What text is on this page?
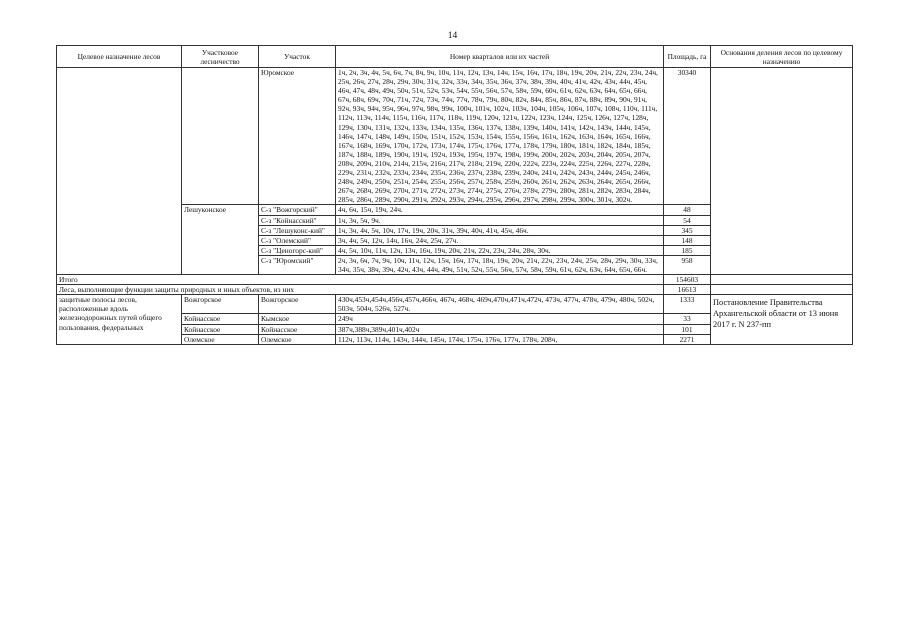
14
Целевое назначение лесов	Участковое лесничество	Участок	Номер кварталов или их частей	Площадь, га	Основания деления лесов по целевому назначению
		Юромское	1ч, 2ч, 3ч, 4ч, 5ч, 6ч, 7ч, 8ч, 9ч, 10ч, 11ч, 12ч, 13ч, 14ч, 15ч, 16ч, 17ч, 18ч, 19ч, 20ч, 21ч, 22ч, 23ч, 24ч, 25ч, 26ч, 27ч, 28ч, 29ч, 30ч, 31ч, 32ч, 33ч, 34ч, 35ч, 36ч, 37ч, 38ч, 39ч, 40ч, 41ч, 42ч, 43ч, 44ч, 45ч, 46ч, 47ч, 48ч, 49ч, 50ч, 51ч, 52ч, 53ч, 54ч, 55ч, 56ч, 57ч, 58ч, 59ч, 60ч, 61ч, 62ч, 63ч, 64ч, 65ч, 66ч, 67ч, 68ч, 69ч, 70ч, 71ч, 72ч, 73ч, 74ч, 77ч, 78ч, 79ч, 80ч, 82ч, 84ч, 85ч, 86ч, 87ч, 88ч, 89ч, 90ч, 91ч, 92ч, 93ч, 94ч, 95ч, 96ч, 97ч, 98ч, 99ч, 100ч, 101ч, 102ч, 103ч, 104ч, 105ч, 106ч, 107ч, 108ч, 110ч, 111ч, 112ч, 113ч, 114ч, 115ч, 116ч, 117ч, 118ч, 119ч, 120ч, 121ч, 122ч, 123ч, 124ч, 125ч, 126ч, 127ч, 128ч, 129ч, 130ч, 131ч, 132ч, 133ч, 134ч, 135ч, 136ч, 137ч, 138ч, 139ч, 140ч, 141ч, 142ч, 143ч, 144ч, 145ч, 146ч, 147ч, 148ч, 149ч, 150ч, 151ч, 152ч, 153ч, 154ч, 155ч, 156ч, 161ч, 162ч, 163ч, 164ч, 165ч, 166ч, 167ч, 168ч, 169ч, 170ч, 172ч, 173ч, 174ч, 175ч, 176ч, 177ч, 178ч, 179ч, 180ч, 181ч, 182ч, 184ч, 185ч, 187ч, 188ч, 189ч, 190ч, 191ч, 192ч, 193ч, 195ч, 197ч, 198ч, 199ч, 200ч, 202ч, 203ч, 204ч, 205ч, 207ч, 208ч, 209ч, 210ч, 214ч, 215ч, 216ч, 217ч, 218ч, 219ч, 220ч, 222ч, 223ч, 224ч, 225ч, 226ч, 227ч, 228ч, 229ч, 231ч, 232ч, 233ч, 234ч, 235ч, 236ч, 237ч, 238ч, 239ч, 240ч, 241ч, 242ч, 243ч, 244ч, 245ч, 246ч, 248ч, 249ч, 250ч, 251ч, 254ч, 255ч, 256ч, 257ч, 258ч, 259ч, 260ч, 261ч, 262ч, 263ч, 264ч, 265ч, 266ч, 267ч, 268ч, 269ч, 270ч, 271ч, 272ч, 273ч, 274ч, 275ч, 276ч, 278ч, 279ч, 280ч, 281ч, 282ч, 283ч, 284ч, 285ч, 286ч, 289ч, 290ч, 291ч, 292ч, 293ч, 294ч, 295ч, 296ч, 297ч, 298ч, 299ч, 300ч, 301ч, 302ч.	30340	
	Лешуконское	С-з "Вожгорский"	4ч, 6ч, 15ч, 19ч, 24ч.	48	
		С-з "Койнасский"	1ч, 3ч, 5ч, 9ч.	54	
		С-з "Лешуконс-кий"	1ч, 3ч, 4ч, 5ч, 10ч, 17ч, 19ч, 20ч, 31ч, 39ч, 40ч, 41ч, 45ч, 46ч.	345	
		С-з "Олемский"	3ч, 4ч, 5ч, 12ч, 14ч, 16ч, 24ч, 25ч, 27ч.	148	
		С-з "Ценогорс-кий"	4ч, 5ч, 10ч, 11ч, 12ч, 13ч, 16ч, 19ч, 20ч, 21ч, 22ч, 23ч, 24ч, 28ч, 30ч.	185	
		С-з "Юромский"	2ч, 3ч, 6ч, 7ч, 9ч, 10ч, 11ч, 12ч, 15ч, 16ч, 17ч, 18ч, 19ч, 20ч, 21ч, 22ч, 23ч, 24ч, 25ч, 28ч, 29ч, 30ч, 33ч, 34ч, 35ч, 38ч, 39ч, 42ч, 43ч, 44ч, 49ч, 51ч, 52ч, 55ч, 56ч, 57ч, 58ч, 59ч, 61ч, 62ч, 63ч, 64ч, 65ч, 66ч.	958	
Итого				154603	
Леса, выполняющие функции защиты природных и иных объектов, из них				16613	
защитные полосы лесов, расположенные вдоль железнодорожных путей общего пользования, федеральных	Вожгорское	Вожгорское	430ч,453ч,454ч,456ч,457ч,466ч, 467ч, 468ч, 469ч,470ч,471ч,472ч, 473ч, 477ч, 478ч, 479ч, 480ч, 502ч, 503ч, 504ч, 526ч, 527ч.	1333	Постановление Правительства Архангельской области от 13 июня 2017 г. N 237-пп
	Койнасское	Кымское	249ч	33	
	Койнасское	Койнасское	387ч,388ч,389ч,401ч,402ч	101	
	Олемское	Олемское	112ч, 113ч, 114ч, 143ч, 144ч, 145ч, 174ч, 175ч, 176ч, 177ч, 178ч, 208ч,	2271	
